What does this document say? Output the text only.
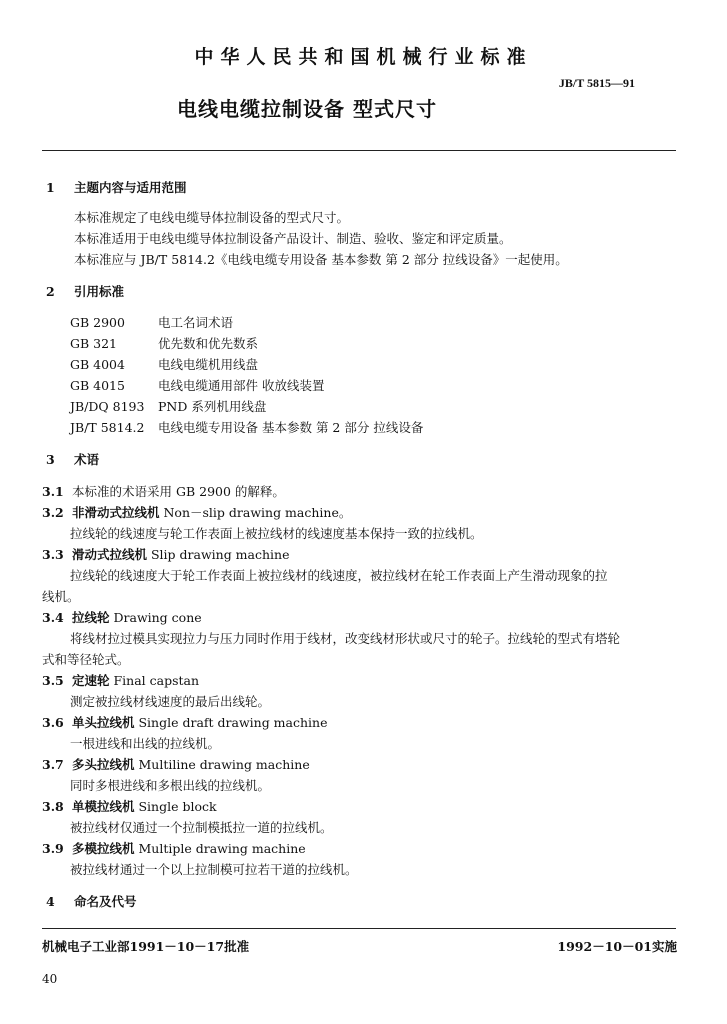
中华人民共和国机械行业标准
JB/T 5815—91
电线电缆拉制设备 型式尺寸
1 主题内容与适用范围
本标准规定了电线电缆导体拉制设备的型式尺寸。
本标准适用于电线电缆导体拉制设备产品设计、制造、验收、鉴定和评定质量。
本标准应与 JB/T 5814.2《电线电缆专用设备 基本参数 第 2 部分 拉线设备》一起使用。
2 引用标准
GB 2900	电工名词术语
GB 321	优先数和优先数系
GB 4004	电线电缆机用线盘
GB 4015	电线电缆通用部件 收放线装置
JB/DQ 8193 PND 系列机用线盘
JB/T 5814.2 电线电缆专用设备 基本参数 第 2 部分 拉线设备
3 术语
3.1 本标准的术语采用 GB 2900 的解释。
3.2 非滑动式拉线机 Non－slip drawing machine。
拉线轮的线速度与轮工作表面上被拉线材的线速度基本保持一致的拉线机。
3.3 滑动式拉线机 Slip drawing machine
拉线轮的线速度大于轮工作表面上被拉线材的线速度，被拉线材在轮工作表面上产生滑动现象的拉
线机。
3.4 拉线轮 Drawing cone
将线材拉过模具实现拉力与压力同时作用于线材，改变线材形状或尺寸的轮子。拉线轮的型式有塔轮
式和等径轮式。
3.5 定速轮 Final capstan
测定被拉线材线速度的最后出线轮。
3.6 单头拉线机 Single draft drawing machine
一根进线和出线的拉线机。
3.7 多头拉线机 Multiline drawing machine
同时多根进线和多根出线的拉线机。
3.8 单模拉线机 Single block
被拉线材仅通过一个拉制模抵拉一道的拉线机。
3.9 多模拉线机 Multiple drawing machine
被拉线材通过一个以上拉制模可拉若干道的拉线机。
4 命名及代号
机械电子工业部1991－10－17批准	1992－10－01实施
40
